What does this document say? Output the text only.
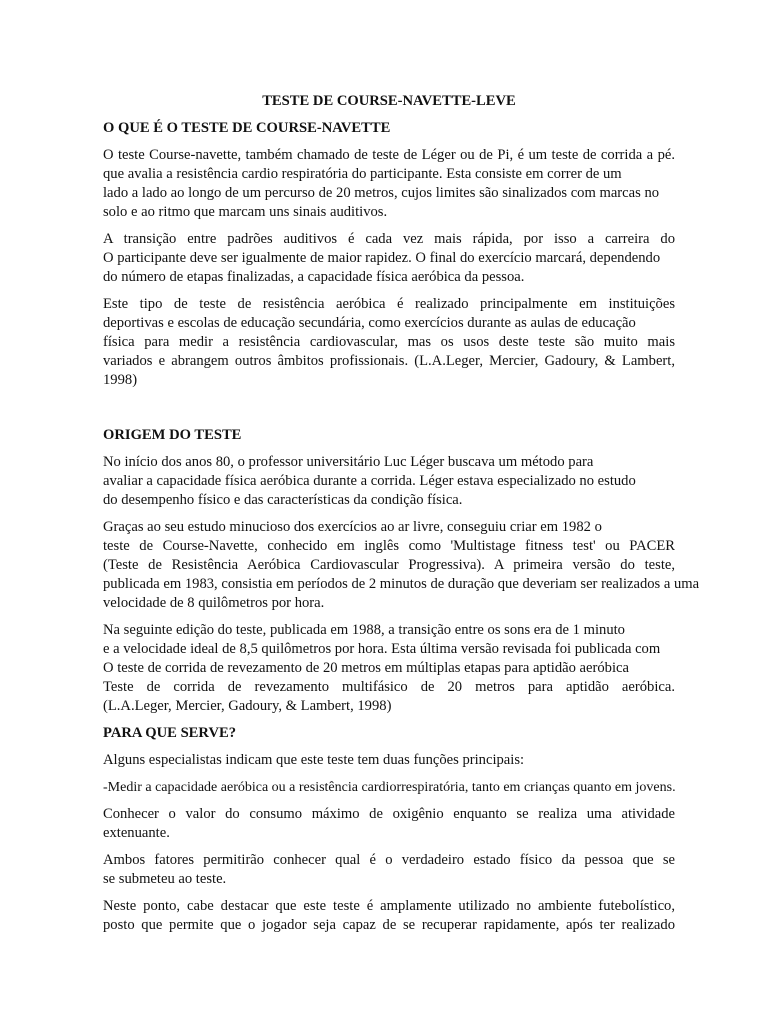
TESTE DE COURSE-NAVETTE-LEVE
O QUE É O TESTE DE COURSE-NAVETTE
O teste Course-navette, também chamado de teste de Léger ou de Pi, é um teste de corrida a pé.
que avalia a resistência cardio respiratória do participante. Esta consiste em correr de um
lado a lado ao longo de um percurso de 20 metros, cujos limites são sinalizados com marcas no
solo e ao ritmo que marcam uns sinais auditivos.
A transição entre padrões auditivos é cada vez mais rápida, por isso a carreira do
O participante deve ser igualmente de maior rapidez. O final do exercício marcará, dependendo
do número de etapas finalizadas, a capacidade física aeróbica da pessoa.
Este tipo de teste de resistência aeróbica é realizado principalmente em instituições
deportivas e escolas de educação secundária, como exercícios durante as aulas de educação
física para medir a resistência cardiovascular, mas os usos deste teste são muito mais
variados e abrangem outros âmbitos profissionais. (L.A.Leger, Mercier, Gadoury, & Lambert,
1998)
ORIGEM DO TESTE
No início dos anos 80, o professor universitário Luc Léger buscava um método para
avaliar a capacidade física aeróbica durante a corrida. Léger estava especializado no estudo
do desempenho físico e das características da condição física.
Graças ao seu estudo minucioso dos exercícios ao ar livre, conseguiu criar em 1982 o
teste de Course-Navette, conhecido em inglês como 'Multistage fitness test' ou PACER
(Teste de Resistência Aeróbica Cardiovascular Progressiva). A primeira versão do teste,
publicada em 1983, consistia em períodos de 2 minutos de duração que deveriam ser realizados a uma
velocidade de 8 quilômetros por hora.
Na seguinte edição do teste, publicada em 1988, a transição entre os sons era de 1 minuto
e a velocidade ideal de 8,5 quilômetros por hora. Esta última versão revisada foi publicada com
O teste de corrida de revezamento de 20 metros em múltiplas etapas para aptidão aeróbica
Teste de corrida de revezamento multifásico de 20 metros para aptidão aeróbica.
(L.A.Leger, Mercier, Gadoury, & Lambert, 1998)
PARA QUE SERVE?
Alguns especialistas indicam que este teste tem duas funções principais:
-Medir a capacidade aeróbica ou a resistência cardiorrespiratória, tanto em crianças quanto em jovens.
Conhecer o valor do consumo máximo de oxigênio enquanto se realiza uma atividade
extenuante.
Ambos fatores permitirão conhecer qual é o verdadeiro estado físico da pessoa que se
se submeteu ao teste.
Neste ponto, cabe destacar que este teste é amplamente utilizado no ambiente futebolístico,
posto que permite que o jogador seja capaz de se recuperar rapidamente, após ter realizado
